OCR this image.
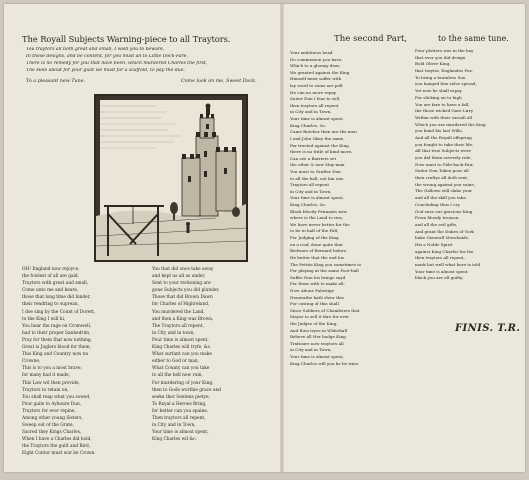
The Royall Subjects Warning-piece to all Traytors.
Tou traytors all both great and small, I wish you to beware,
In these designs, and be content, for you must all to Little Dock-Fare,
There is no remedy for you that have been, which murdered Charles the first,
The Hole about for your guilt we must for a scaffold, to pay the due.
To a pleasant new Tune.	Come look on me, Sweet Dock.
OH! England now rejoyce,
the fowlest of all are gald,
Traytors with great and small,
Come unto me and heare,
those that long time did hinder,
their rendring to suprean,
I doe sing by the Count of Dorett,
to the King I will hi,
You hear the rage on Cromwell,
had to their proper Sanhedrim,
Pray for them that now nothing,
Great is Juglers blood for them,
This King and Country now no
Crowne,
This is to you a most brave,
for many had it made,
This Law wil then provide,
Traytors to retain on,
Tou shall reap what you sowed,
Pour guile to Ayhoure Dun,
Traytors for ever repine,
Among other young Sisters,
Sweep out of the Grate,
Sacred they Kings Charles,
When I have a Charles did hold,
the Traytors the guilt and Bird,
Eight Contor must war be Crown.
You that did once take away
and kept us all as under,
Sent to your reckoning are
gone Subjects you did plunder,
Those that did Brown Dawn
for Charles of Highreland,
You murdered the Land,
and then a King was Brown,
The Traytors all repent,
in City and in town,
Pour time is almost spent,
King Charles will tryfe, &c.
What surfant can you make
either to God or man,
What County can you take
to all the bell now ruin,
For murdering of your King,
then to Gods worthie grace and
seeke ther Sentens pietye,
To Royal a Heroes Bring,
for better can you spaine,
Then traytors all repent,
in City and in Town,
Your time is almost spent,
King Charles wil &c.
The second Part,	to the same tune.
Your ambitious head
Do commission you have,
Which to a gloomy dear,
We granted against the King
Himself must suffer with
lay word to some are pell
He can no more repay
Suitor Dun I fear to sell,
then traytors all repent
in City and in Town,
Your time is almost spent,
King Charles, &c.
Came Butcher then are the men
I and John Okey the same,
Far trusted against the King
there is no tittle of kind more,
Can see a Barriers set
the other & now May-man
You must to Grafter Dun
to all the hall, not kin one
Traytors all repent
in City and in Town,
Your time is almost spent,
King Charles, &c.
Black bloody Pennants now,
where is the Land to rise,
We have never better for the
to be in half of the Fall,
For Judging of the King
on a roof, done quite that
Bedwars of Bernard before
He better that the end his
The Pettite King you sometimes to
For playing at the same Foot-ball
Suffre Dun his brings sayd
For them with to make all,
Now Adone Palestige
Neuerathe hath shew this
For casting of this shall
Since Soldiers of Chamberes that
Mayor to sell it thro for ever
the Judges of the King,
And then tryes in Whitehall
Believe all Her hadge King
Traitoure now traytors all
in City and in Town,
Your time is almost spent,
King Charles will you be be wine.
Pour plotters was in the hay
that ever you did design
Bold Oliver King,
that traytor, Englandes Fox,
To bring a brainless Son
you hanged him selve spread,
Yet now he shall repay
For slicking on to high
You are fare to have a fall,
the those wicked Gare Lirry
Within with their vassall all
Which you are murdered the King
you hand his last Wills,
And all the Royall offspring
you fought to take their life,
All that true Subjects were
you did them severely rule,
Now must to Pide-back-Fair,
Suitor Dun Taken pour all
then craftys all doth rent,
the wrong against you vaine,
The Gallows will slake your
and all the skill you take.
Concluding thus I cry
God save our gracious King
From bloody treason,
and all the evil gifts,
And grant the Dukes of York
buke Generall Monckside,
His a Noble Spirit
against King Charles his foe
then traytors all repent,
mark but well what here is told
Your time is almost spent
black you are all guilty.
FINIS. T.R.
